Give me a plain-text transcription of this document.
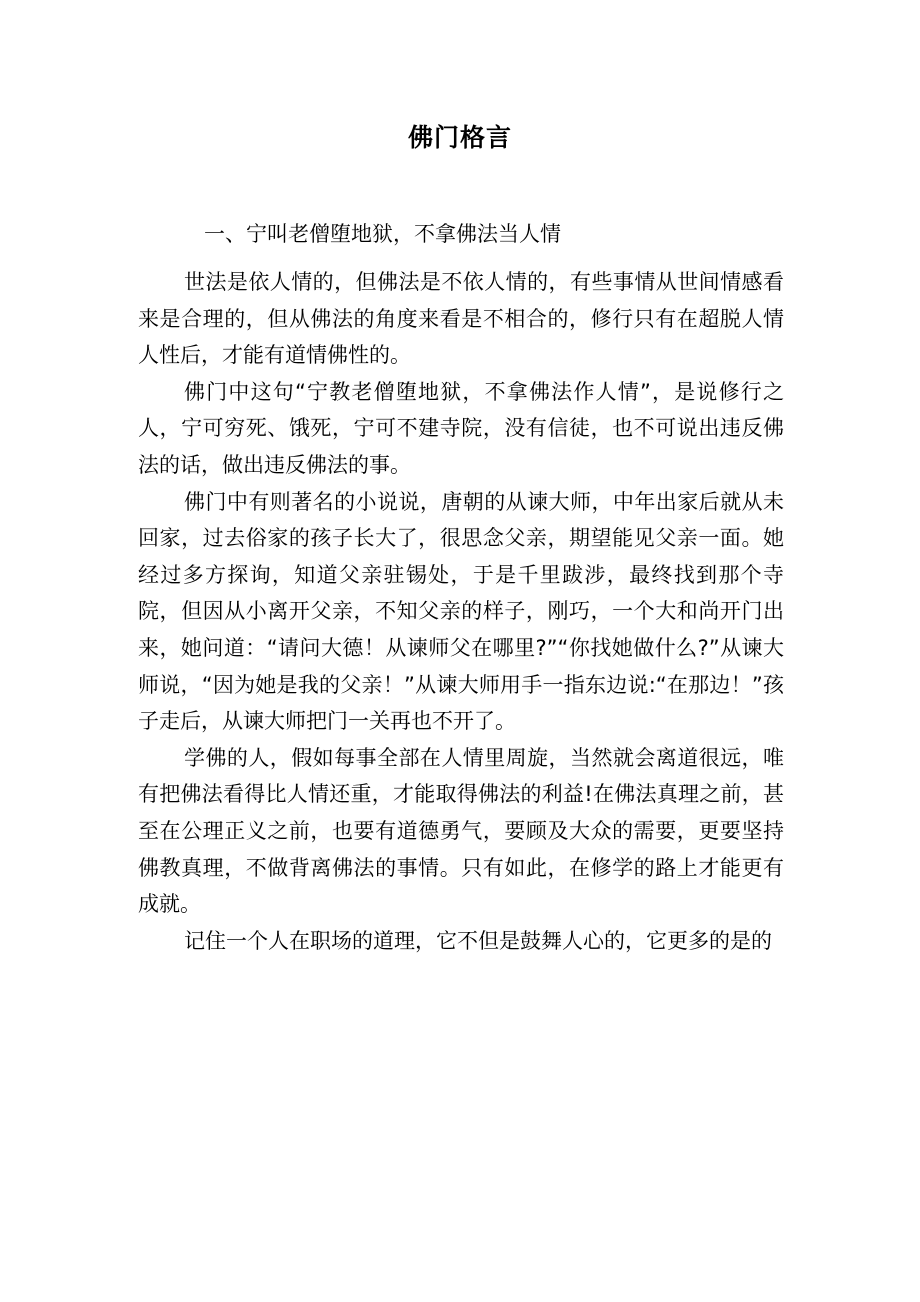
佛门格言
一、宁叫老僧堕地狱，不拿佛法当人情

世法是依人情的，但佛法是不依人情的，有些事情从世间情感看来是合理的，但从佛法的角度来看是不相合的，修行只有在超脱人情人性后，才能有道情佛性的。

佛门中这句“宁教老僧堕地狱，不拿佛法作人情”，是说修行之人，宁可穷死、饿死，宁可不建寺院，没有信徒，也不可说出违反佛法的话，做出违反佛法的事。

佛门中有则著名的小说说，唐朝的从谏大师，中年出家后就从未回家，过去俗家的孩子长大了，很思念父亲，期望能见父亲一面。她经过多方探询，知道父亲驻锡处，于是千里跋涉，最终找到那个寺院，但因从小离开父亲，不知父亲的样子，刚巧，一个大和尚开门出来，她问道：“请问大德！从谏师父在哪里?”“你找她做什么?”从谏大师说，“因为她是我的父亲！”从谏大师用手一指东边说:“在那边！”孩子走后，从谏大师把门一关再也不开了。

学佛的人，假如每事全部在人情里周旋，当然就会离道很远，唯有把佛法看得比人情还重，才能取得佛法的利益!在佛法真理之前，甚至在公理正义之前，也要有道德勇气，要顾及大众的需要，更要坚持佛教真理，不做背离佛法的事情。只有如此，在修学的路上才能更有成就。

记住一个人在职场的道理，它不但是鼓舞人心的，它更多的是的
